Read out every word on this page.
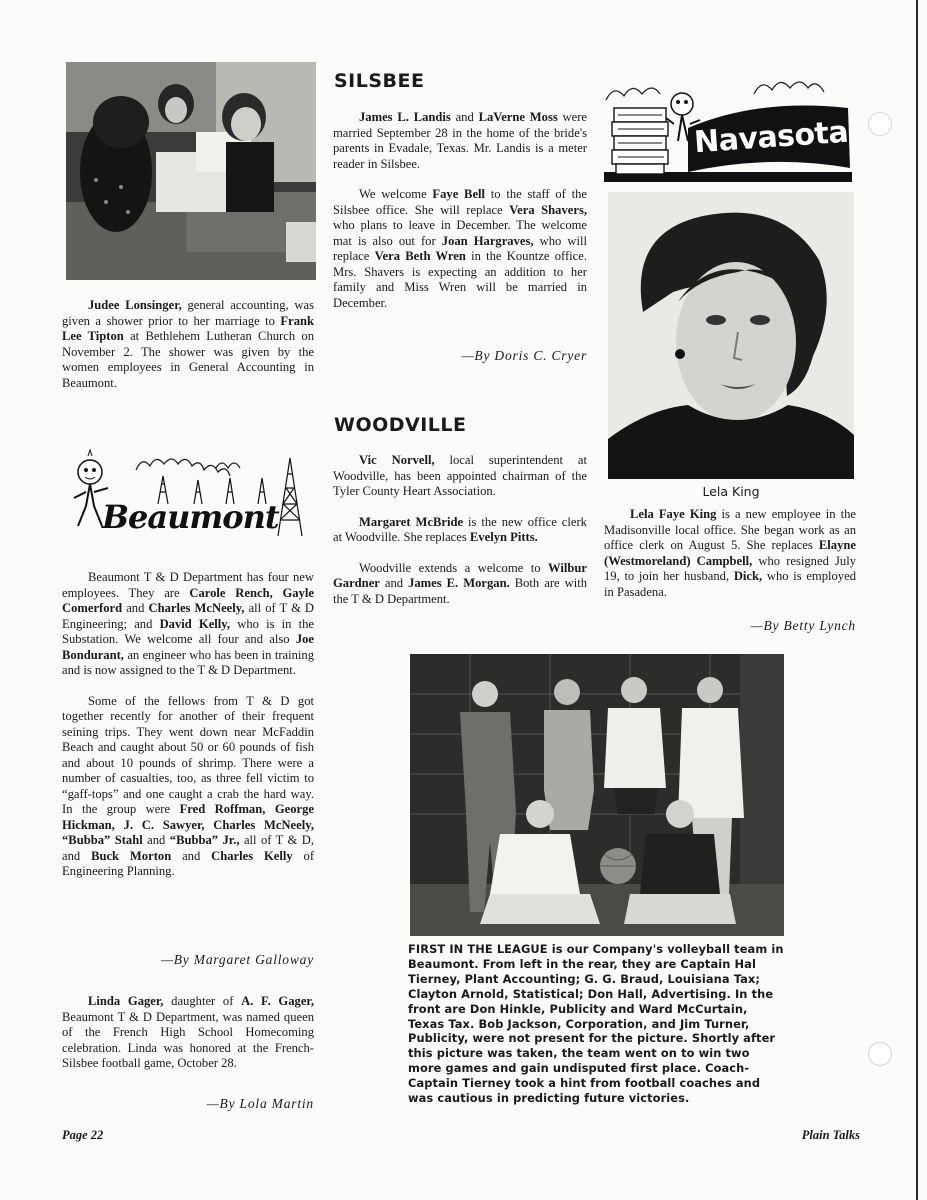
Judee Lonsinger, general accounting, was given a shower prior to her marriage to Frank Lee Tipton at Bethlehem Lutheran Church on November 2. The shower was given by the women employees in General Accounting in Beaumont.

Beaumont

Beaumont T & D Department has four new employees. They are Carole Rench, Gayle Comerford and Charles McNeely, all of T & D Engineering; and David Kelly, who is in the Substation. We welcome all four and also Joe Bondurant, an engineer who has been in training and is now assigned to the T & D Department.

Some of the fellows from T & D got together recently for another of their frequent seining trips. They went down near McFaddin Beach and caught about 50 or 60 pounds of fish and about 10 pounds of shrimp. There were a number of casualties, too, as three fell victim to “gaff-tops” and one caught a crab the hard way. In the group were Fred Roffman, George Hickman, J. C. Sawyer, Charles McNeely, “Bubba” Stahl and “Bubba” Jr., all of T & D, and Buck Morton and Charles Kelly of Engineering Planning.

—By Margaret Galloway

Linda Gager, daughter of A. F. Gager, Beaumont T & D Department, was named queen of the French High School Homecoming celebration. Linda was honored at the French-Silsbee football game, October 28.

—By Lola Martin
SILSBEE

James L. Landis and LaVerne Moss were married September 28 in the home of the bride's parents in Evadale, Texas. Mr. Landis is a meter reader in Silsbee.

We welcome Faye Bell to the staff of the Silsbee office. She will replace Vera Shavers, who plans to leave in December. The welcome mat is also out for Joan Hargraves, who will replace Vera Beth Wren in the Kountze office. Mrs. Shavers is expecting an addition to her family and Miss Wren will be married in December.

—By Doris C. Cryer
WOODVILLE

Vic Norvell, local superintendent at Woodville, has been appointed chairman of the Tyler County Heart Association.

Margaret McBride is the new office clerk at Woodville. She replaces Evelyn Pitts.

Woodville extends a welcome to Wilbur Gardner and James E. Morgan. Both are with the T & D Department.

Navasota
Lela King

Lela Faye King is a new employee in the Madisonville local office. She began work as an office clerk on August 5. She replaces Elayne (Westmoreland) Campbell, who resigned July 19, to join her husband, Dick, who is employed in Pasadena.

—By Betty Lynch
FIRST IN THE LEAGUE is our Company's volleyball team in Beaumont. From left in the rear, they are Captain Hal Tierney, Plant Accounting; G. G. Braud, Louisiana Tax; Clayton Arnold, Statistical; Don Hall, Advertising. In the front are Don Hinkle, Publicity and Ward McCurtain, Texas Tax. Bob Jackson, Corporation, and Jim Turner, Publicity, were not present for the picture. Shortly after this picture was taken, the team went on to win two more games and gain undisputed first place. Coach-Captain Tierney took a hint from football coaches and was cautious in predicting future victories.
Page 22	Plain Talks
